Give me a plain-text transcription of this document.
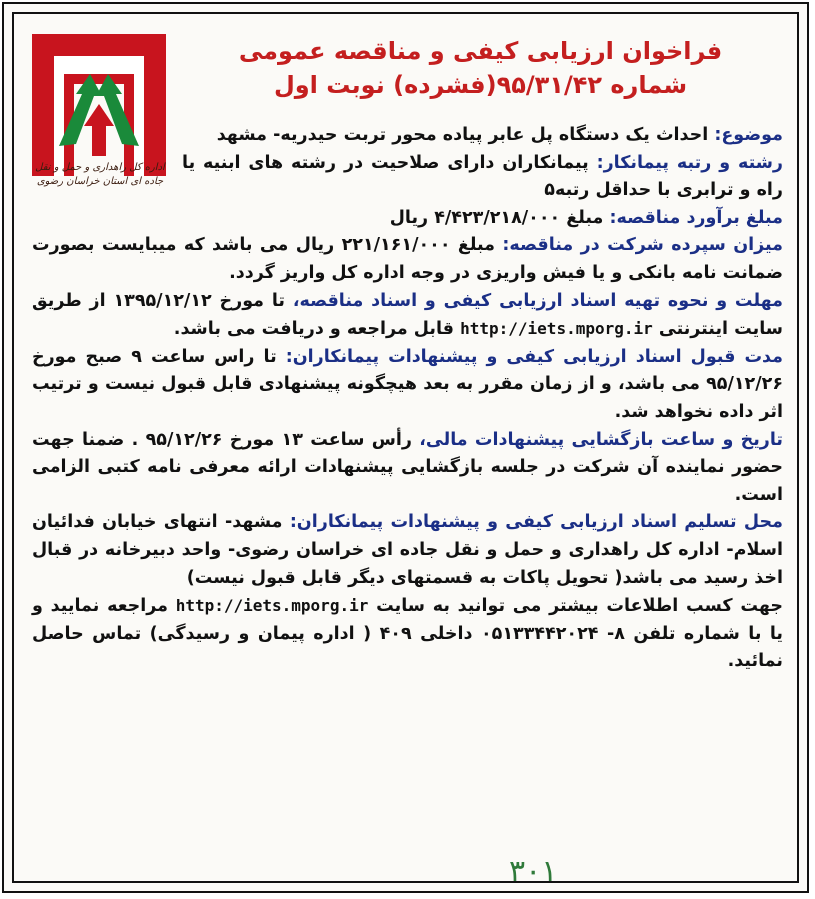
اداره کل راهداری و حمل و نقل جاده ای استان خراسان رضوی
فراخوان ارزیابی کیفی و مناقصه عمومی
شماره ۹۵/۳۱/۴۲(فشرده) نوبت اول
موضوع: احداث یک دستگاه پل عابر پیاده محور تربت حیدریه- مشهد
رشته و رتبه پیمانکار: پیمانکاران دارای صلاحیت در رشته های ابنیه یا راه و ترابری با حداقل رتبه۵
مبلغ برآورد مناقصه: مبلغ ۴/۴۲۳/۲۱۸/۰۰۰ ریال
میزان سپرده شرکت در مناقصه: مبلغ ۲۲۱/۱۶۱/۰۰۰ ریال می باشد که میبایست بصورت ضمانت نامه بانکی و یا فیش واریزی در وجه اداره کل واریز گردد.
مهلت و نحوه تهیه اسناد ارزیابی کیفی و اسناد مناقصه، تا مورخ ۱۳۹۵/۱۲/۱۲ از طریق سایت اینترنتی http://iets.mporg.ir قابل مراجعه و دریافت می باشد.
مدت قبول اسناد ارزیابی کیفی و پیشنهادات پیمانکاران: تا راس ساعت ۹ صبح مورخ ۹۵/۱۲/۲۶ می باشد، و از زمان مقرر به بعد هیچگونه پیشنهادی قابل قبول نیست و ترتیب اثر داده نخواهد شد.
تاریخ و ساعت بازگشایی پیشنهادات مالی، رأس ساعت ۱۳ مورخ ۹۵/۱۲/۲۶ . ضمنا جهت حضور نماینده آن شرکت در جلسه بازگشایی پیشنهادات ارائه معرفی نامه کتبی الزامی است.
محل تسلیم اسناد ارزیابی کیفی و پیشنهادات پیمانکاران: مشهد- انتهای خیابان فدائیان اسلام- اداره کل راهداری و حمل و نقل جاده ای خراسان رضوی- واحد دبیرخانه در قبال اخذ رسید می باشد( تحویل پاکات به قسمتهای دیگر قابل قبول نیست)
جهت کسب اطلاعات بیشتر می توانید به سایت http://iets.mporg.ir مراجعه نمایید و یا با شماره تلفن ۸- ۰۵۱۳۳۴۴۲۰۲۴ داخلی ۴۰۹ ( اداره پیمان و رسیدگی) تماس حاصل نمائید.
۳۰۱
